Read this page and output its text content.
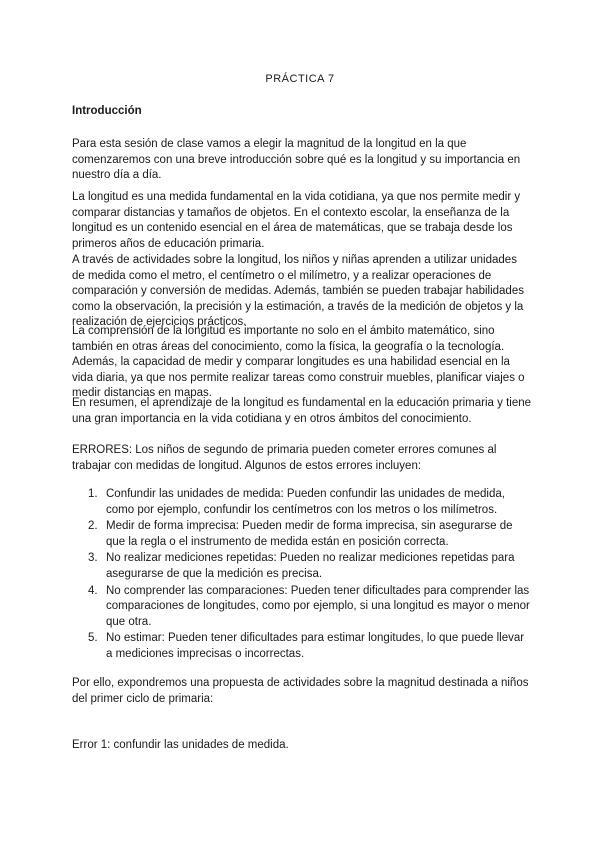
PRÁCTICA 7
Introducción

Para esta sesión de clase vamos a elegir la magnitud de la longitud en la que comenzaremos con una breve introducción sobre qué es la longitud y su importancia en nuestro día a día.

La longitud es una medida fundamental en la vida cotidiana, ya que nos permite medir y comparar distancias y tamaños de objetos. En el contexto escolar, la enseñanza de la longitud es un contenido esencial en el área de matemáticas, que se trabaja desde los primeros años de educación primaria.

A través de actividades sobre la longitud, los niños y niñas aprenden a utilizar unidades de medida como el metro, el centímetro o el milímetro, y a realizar operaciones de comparación y conversión de medidas. Además, también se pueden trabajar habilidades como la observación, la precisión y la estimación, a través de la medición de objetos y la realización de ejercicios prácticos.

La comprensión de la longitud es importante no solo en el ámbito matemático, sino también en otras áreas del conocimiento, como la física, la geografía o la tecnología. Además, la capacidad de medir y comparar longitudes es una habilidad esencial en la vida diaria, ya que nos permite realizar tareas como construir muebles, planificar viajes o medir distancias en mapas.

En resumen, el aprendizaje de la longitud es fundamental en la educación primaria y tiene una gran importancia en la vida cotidiana y en otros ámbitos del conocimiento.

ERRORES: Los niños de segundo de primaria pueden cometer errores comunes al trabajar con medidas de longitud. Algunos de estos errores incluyen:

1. Confundir las unidades de medida: Pueden confundir las unidades de medida, como por ejemplo, confundir los centímetros con los metros o los milímetros.
2. Medir de forma imprecisa: Pueden medir de forma imprecisa, sin asegurarse de que la regla o el instrumento de medida están en posición correcta.
3. No realizar mediciones repetidas: Pueden no realizar mediciones repetidas para asegurarse de que la medición es precisa.
4. No comprender las comparaciones: Pueden tener dificultades para comprender las comparaciones de longitudes, como por ejemplo, si una longitud es mayor o menor que otra.
5. No estimar: Pueden tener dificultades para estimar longitudes, lo que puede llevar a mediciones imprecisas o incorrectas.

Por ello, expondremos una propuesta de actividades sobre la magnitud destinada a niños del primer ciclo de primaria:

Error 1: confundir las unidades de medida.
